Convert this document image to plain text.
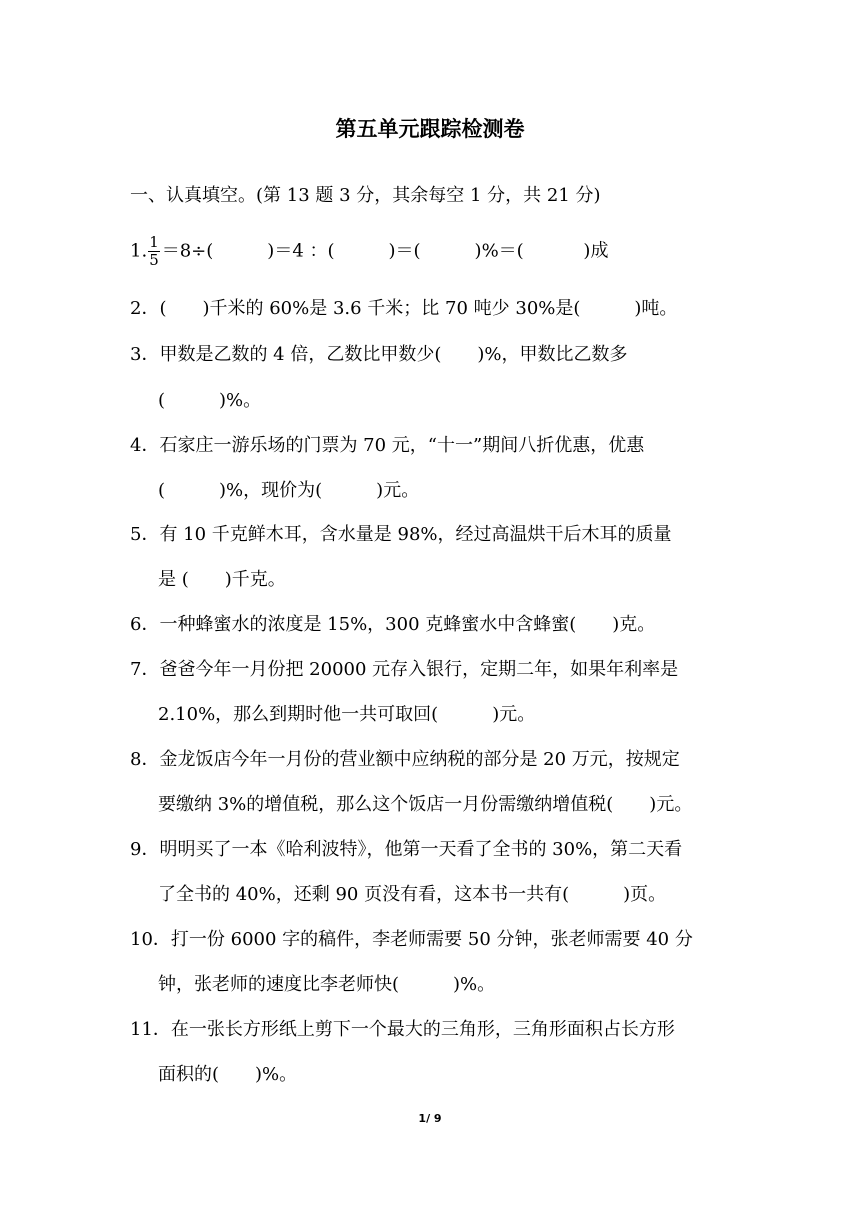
第五单元跟踪检测卷
一、认真填空。(第 13 题 3 分，其余每空 1 分，共 21 分)
1. $\frac{1}{5} =8\div$(　　　)＝4 ：(　　　)＝(　　　)%＝(　　　 )成
2．(　　)千米的 60%是 3.6 千米；比 70 吨少 30%是(　　　)吨。
3．甲数是乙数的 4 倍，乙数比甲数少(　　)%，甲数比乙数多
(　　　)%。
4．石家庄一游乐场的门票为 70 元，“十一”期间八折优惠，优惠
(　　　)%，现价为(　　　)元。
5．有 10 千克鲜木耳，含水量是 98%，经过高温烘干后木耳的质量
是 (　　)千克。
6．一种蜂蜜水的浓度是 15%，300 克蜂蜜水中含蜂蜜(　　)克。
7．爸爸今年一月份把 20000 元存入银行，定期二年，如果年利率是
2.10%，那么到期时他一共可取回(　　　)元。
8．金龙饭店今年一月份的营业额中应纳税的部分是 20 万元，按规定
要缴纳 3%的增值税，那么这个饭店一月份需缴纳增值税(　　)元。
9．明明买了一本《哈利波特》，他第一天看了全书的 30%，第二天看
了全书的 40%，还剩 90 页没有看，这本书一共有(　　　)页。
10．打一份 6000 字的稿件，李老师需要 50 分钟，张老师需要 40 分
钟，张老师的速度比李老师快(　　　)%。
11．在一张长方形纸上剪下一个最大的三角形，三角形面积占长方形
面积的(　　)%。
1/ 9
